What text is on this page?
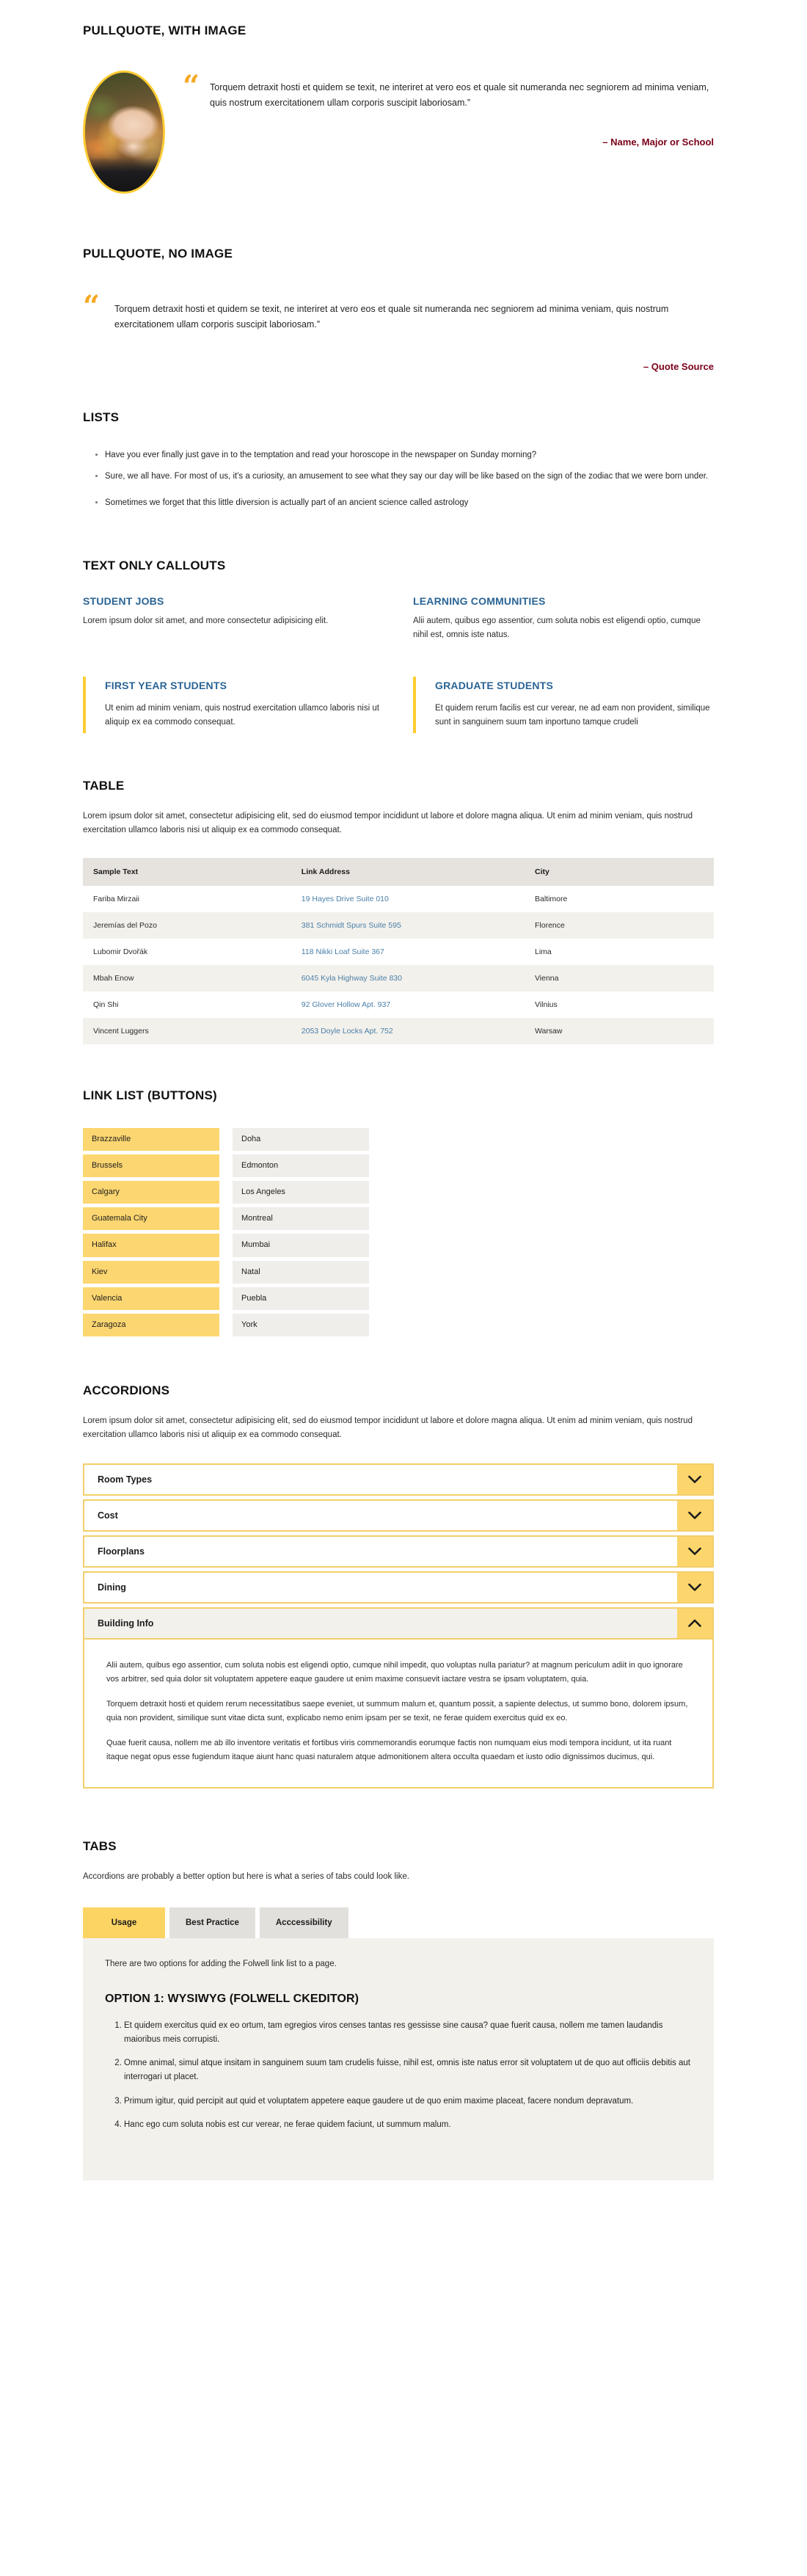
PULLQUOTE, WITH IMAGE
“	Torquem detraxit hosti et quidem se texit, ne interiret at vero eos et quale sit numeranda nec segniorem ad minima veniam, quis nostrum exercitationem ullam corporis suscipit laboriosam.”

– Name, Major or School
PULLQUOTE, NO IMAGE
“	Torquem detraxit hosti et quidem se texit, ne interiret at vero eos et quale sit numeranda nec segniorem ad minima veniam, quis nostrum exercitationem ullam corporis suscipit laboriosam.”

– Quote Source
LISTS
• Have you ever finally just gave in to the temptation and read your horoscope in the newspaper on Sunday morning?
• Sure, we all have. For most of us, it's a curiosity, an amusement to see what they say our day will be like based on the sign of the zodiac that we were born under.
• Sometimes we forget that this little diversion is actually part of an ancient science called astrology
TEXT ONLY CALLOUTS
STUDENT JOBS

Lorem ipsum dolor sit amet, and more consectetur adipisicing elit.

LEARNING COMMUNITIES

Alii autem, quibus ego assentior, cum soluta nobis est eligendi optio, cumque nihil est, omnis iste natus.

FIRST YEAR STUDENTS

Ut enim ad minim veniam, quis nostrud exercitation ullamco laboris nisi ut aliquip ex ea commodo consequat.

GRADUATE STUDENTS

Et quidem rerum facilis est cur verear, ne ad eam non provident, similique sunt in sanguinem suum tam inportuno tamque crudeli

TABLE

Lorem ipsum dolor sit amet, consectetur adipisicing elit, sed do eiusmod tempor incididunt ut labore et dolore magna aliqua. Ut enim ad minim veniam, quis nostrud exercitation ullamco laboris nisi ut aliquip ex ea commodo consequat.

Sample Text	Link Address	City
Fariba Mirzaii	19 Hayes Drive Suite 010	Baltimore
Jeremías del Pozo	381 Schmidt Spurs Suite 595	Florence
Lubomir Dvořák	118 Nikki Loaf Suite 367	Lima
Mbah Enow	6045 Kyla Highway Suite 830	Vienna
Qin Shi	92 Glover Hollow Apt. 937	Vilnius
Vincent Luggers	2053 Doyle Locks Apt. 752	Warsaw
LINK LIST (BUTTONS)
Brazzaville
Brussels
Calgary
Guatemala City
Halifax
Kiev
Valencia
Zaragoza
Doha
Edmonton
Los Angeles
Montreal
Mumbai
Natal
Puebla
York
ACCORDIONS

Lorem ipsum dolor sit amet, consectetur adipisicing elit, sed do eiusmod tempor incididunt ut labore et dolore magna aliqua. Ut enim ad minim veniam, quis nostrud exercitation ullamco laboris nisi ut aliquip ex ea commodo consequat.

Room Types
Cost
Floorplans
Dining
Building Info

Alii autem, quibus ego assentior, cum soluta nobis est eligendi optio, cumque nihil impedit, quo voluptas nulla pariatur? at magnum periculum adiit in quo ignorare vos arbitrer, sed quia dolor sit voluptatem appetere eaque gaudere ut enim maxime consuevit iactare vestra se ipsam voluptatem, quia.

Torquem detraxit hosti et quidem rerum necessitatibus saepe eveniet, ut summum malum et, quantum possit, a sapiente delectus, ut summo bono, dolorem ipsum, quia non provident, similique sunt vitae dicta sunt, explicabo nemo enim ipsam per se texit, ne ferae quidem exercitus quid ex eo.

Quae fuerit causa, nollem me ab illo inventore veritatis et fortibus viris commemorandis eorumque factis non numquam eius modi tempora incidunt, ut ita ruant itaque negat opus esse fugiendum itaque aiunt hanc quasi naturalem atque admonitionem altera occulta quaedam et iusto odio dignissimos ducimus, qui.

TABS

Accordions are probably a better option but here is what a series of tabs could look like.

Usage	Best Practice	Acccessibility

There are two options for adding the Folwell link list to a page.

OPTION 1: WYSIWYG (FOLWELL CKEDITOR)
1. Et quidem exercitus quid ex eo ortum, tam egregios viros censes tantas res gessisse sine causa? quae fuerit causa, nollem me tamen laudandis maioribus meis corrupisti.
2. Omne animal, simul atque insitam in sanguinem suum tam crudelis fuisse, nihil est, omnis iste natus error sit voluptatem ut de quo aut officiis debitis aut interrogari ut placet.
3. Primum igitur, quid percipit aut quid et voluptatem appetere eaque gaudere ut de quo enim maxime placeat, facere nondum depravatum.
4. Hanc ego cum soluta nobis est cur verear, ne ferae quidem faciunt, ut summum malum.
